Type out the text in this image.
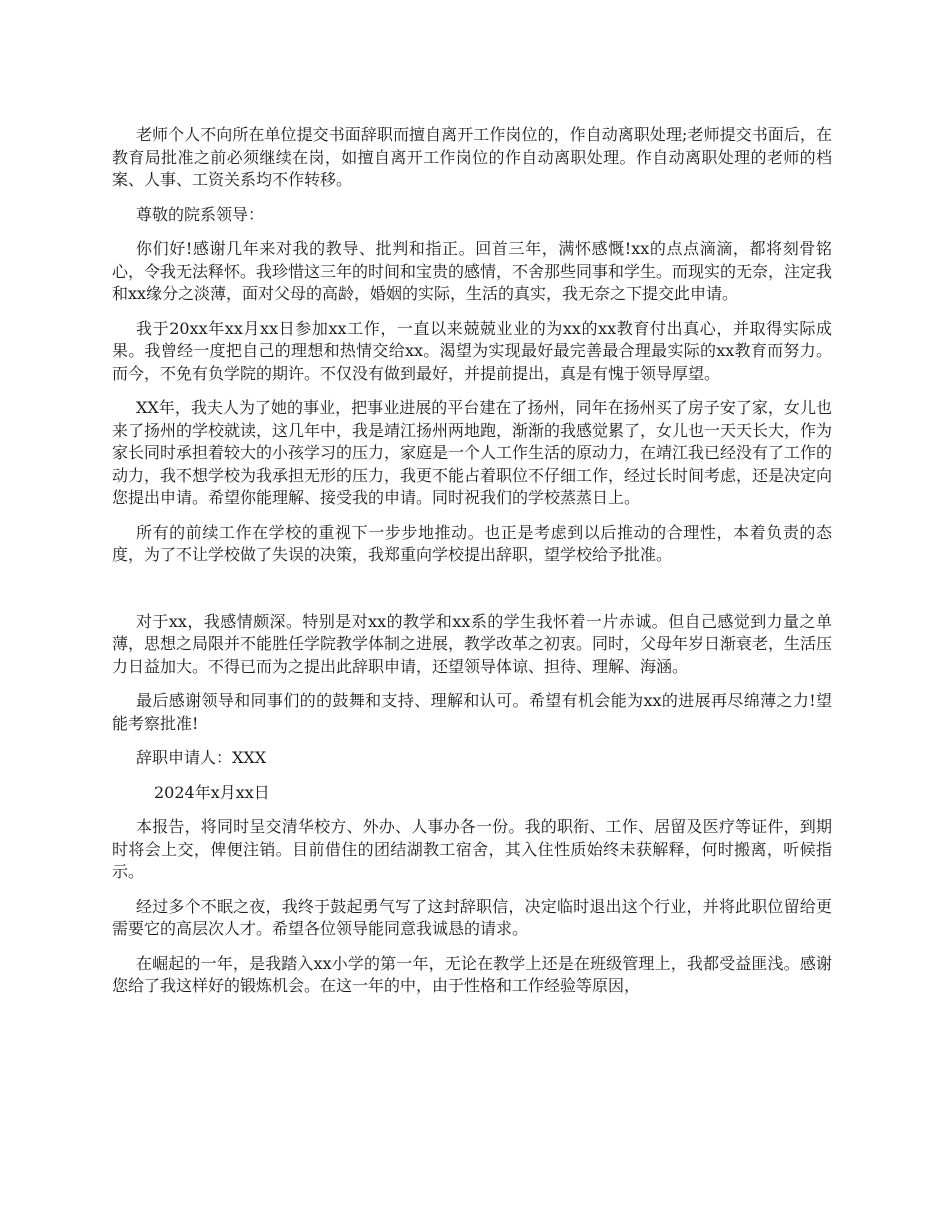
老师个人不向所在单位提交书面辞职而擅自离开工作岗位的，作自动离职处理;老师提交书面后，在教育局批准之前必须继续在岗，如擅自离开工作岗位的作自动离职处理。作自动离职处理的老师的档案、人事、工资关系均不作转移。

尊敬的院系领导：

你们好!感谢几年来对我的教导、批判和指正。回首三年，满怀感慨!xx的点点滴滴，都将刻骨铭心，令我无法释怀。我珍惜这三年的时间和宝贵的感情，不舍那些同事和学生。而现实的无奈，注定我和xx缘分之淡薄，面对父母的高龄，婚姻的实际，生活的真实，我无奈之下提交此申请。

我于20xx年xx月xx日参加xx工作，一直以来兢兢业业的为xx的xx教育付出真心，并取得实际成果。我曾经一度把自己的理想和热情交给xx。渴望为实现最好最完善最合理最实际的xx教育而努力。而今，不免有负学院的期许。不仅没有做到最好，并提前提出，真是有愧于领导厚望。

XX年，我夫人为了她的事业，把事业进展的平台建在了扬州，同年在扬州买了房子安了家，女儿也来了扬州的学校就读，这几年中，我是靖江扬州两地跑，渐渐的我感觉累了，女儿也一天天长大，作为家长同时承担着较大的小孩学习的压力，家庭是一个人工作生活的原动力，在靖江我已经没有了工作的动力，我不想学校为我承担无形的压力，我更不能占着职位不仔细工作，经过长时间考虑，还是决定向您提出申请。希望你能理解、接受我的申请。同时祝我们的学校蒸蒸日上。

所有的前续工作在学校的重视下一步步地推动。也正是考虑到以后推动的合理性，本着负责的态度，为了不让学校做了失误的决策，我郑重向学校提出辞职，望学校给予批准。

对于xx，我感情颇深。特别是对xx的教学和xx系的学生我怀着一片赤诚。但自己感觉到力量之单薄，思想之局限并不能胜任学院教学体制之进展，教学改革之初衷。同时，父母年岁日渐衰老，生活压力日益加大。不得已而为之提出此辞职申请，还望领导体谅、担待、理解、海涵。

最后感谢领导和同事们的的鼓舞和支持、理解和认可。希望有机会能为xx的进展再尽绵薄之力!望能考察批准!

辞职申请人：XXX

2024年x月xx日

本报告，将同时呈交清华校方、外办、人事办各一份。我的职衔、工作、居留及医疗等证件，到期时将会上交，俾便注销。目前借住的团结湖教工宿舍，其入住性质始终未获解释，何时搬离，听候指示。

经过多个不眠之夜，我终于鼓起勇气写了这封辞职信，决定临时退出这个行业，并将此职位留给更需要它的高层次人才。希望各位领导能同意我诚恳的请求。

在崛起的一年，是我踏入xx小学的第一年，无论在教学上还是在班级管理上，我都受益匪浅。感谢您给了我这样好的锻炼机会。在这一年的中，由于性格和工作经验等原因，
